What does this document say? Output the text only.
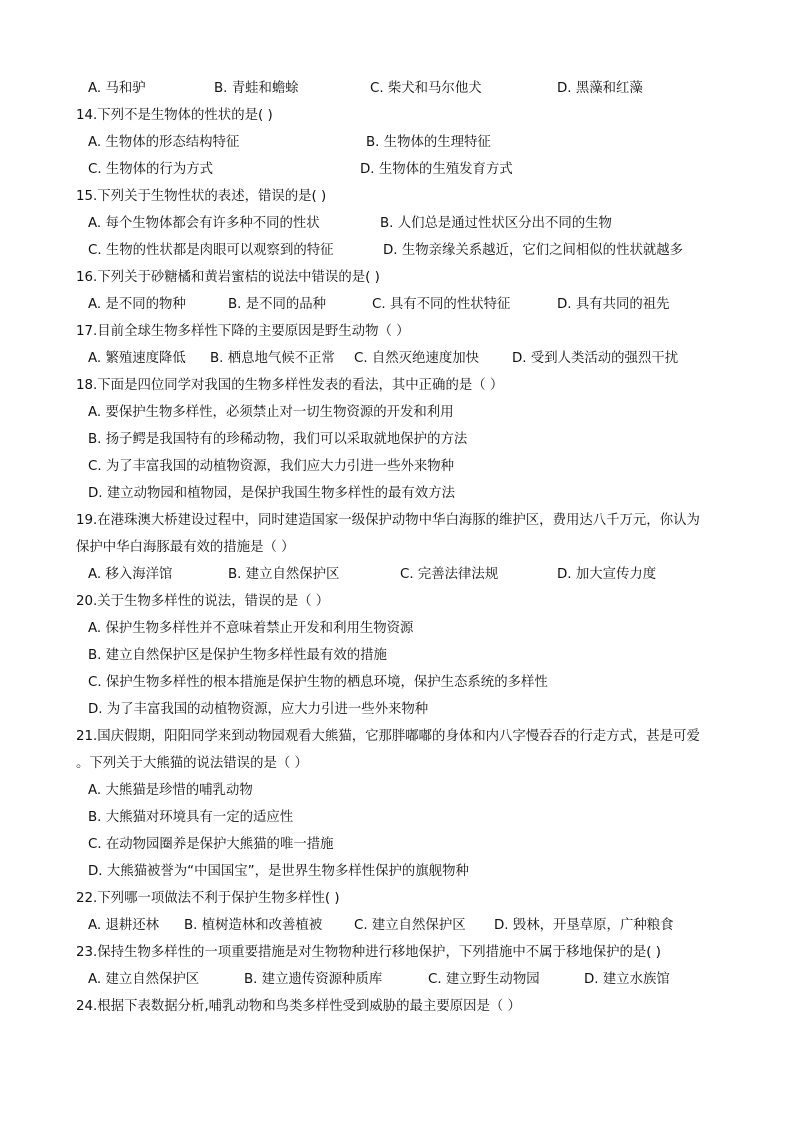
A. 马和驴	B. 青蛙和蟾蜍	C. 柴犬和马尔他犬	D. 黑藻和红藻
14.下列不是生物体的性状的是( )
A. 生物体的形态结构特征	B. 生物体的生理特征
C. 生物体的行为方式	D. 生物体的生殖发育方式
15.下列关于生物性状的表述，错误的是( )
A. 每个生物体都会有许多种不同的性状	B. 人们总是通过性状区分出不同的生物
C. 生物的性状都是肉眼可以观察到的特征	D. 生物亲缘关系越近，它们之间相似的性状就越多
16.下列关于砂糖橘和黄岩蜜桔的说法中错误的是( )
A. 是不同的物种	B. 是不同的品种	C. 具有不同的性状特征	D. 具有共同的祖先
17.目前全球生物多样性下降的主要原因是野生动物（ ）
A. 繁殖速度降低 B. 栖息地气候不正常 C. 自然灭绝速度加快 D. 受到人类活动的强烈干扰
18.下面是四位同学对我国的生物多样性发表的看法，其中正确的是（ ）
A. 要保护生物多样性，必须禁止对一切生物资源的开发和利用
B. 扬子鳄是我国特有的珍稀动物，我们可以采取就地保护的方法
C. 为了丰富我国的动植物资源，我们应大力引进一些外来物种
D. 建立动物园和植物园，是保护我国生物多样性的最有效方法
19.在港珠澳大桥建设过程中，同时建造国家一级保护动物中华白海豚的维护区，费用达八千万元，你认为
保护中华白海豚最有效的措施是（ ）
A. 移入海洋馆	B. 建立自然保护区	C. 完善法律法规	D. 加大宣传力度
20.关于生物多样性的说法，错误的是（ ）
A. 保护生物多样性并不意味着禁止开发和利用生物资源
B. 建立自然保护区是保护生物多样性最有效的措施
C. 保护生物多样性的根本措施是保护生物的栖息环境，保护生态系统的多样性
D. 为了丰富我国的动植物资源，应大力引进一些外来物种
21.国庆假期，阳阳同学来到动物园观看大熊猫，它那胖嘟嘟的身体和内八字慢吞吞的行走方式，甚是可爱
。下列关于大熊猫的说法错误的是（ ）
A. 大熊猫是珍惜的哺乳动物
B. 大熊猫对环境具有一定的适应性
C. 在动物园圈养是保护大熊猫的唯一措施
D. 大熊猫被誉为“中国国宝”，是世界生物多样性保护的旗舰物种
22.下列哪一项做法不利于保护生物多样性( )
A. 退耕还林 B. 植树造林和改善植被 C. 建立自然保护区 D. 毁林，开垦草原，广种粮食
23.保持生物多样性的一项重要措施是对生物物种进行移地保护，下列措施中不属于移地保护的是( )
A. 建立自然保护区	B. 建立遗传资源种质库	C. 建立野生动物园	D. 建立水族馆
24.根据下表数据分析,哺乳动物和鸟类多样性受到威胁的最主要原因是（ ）
